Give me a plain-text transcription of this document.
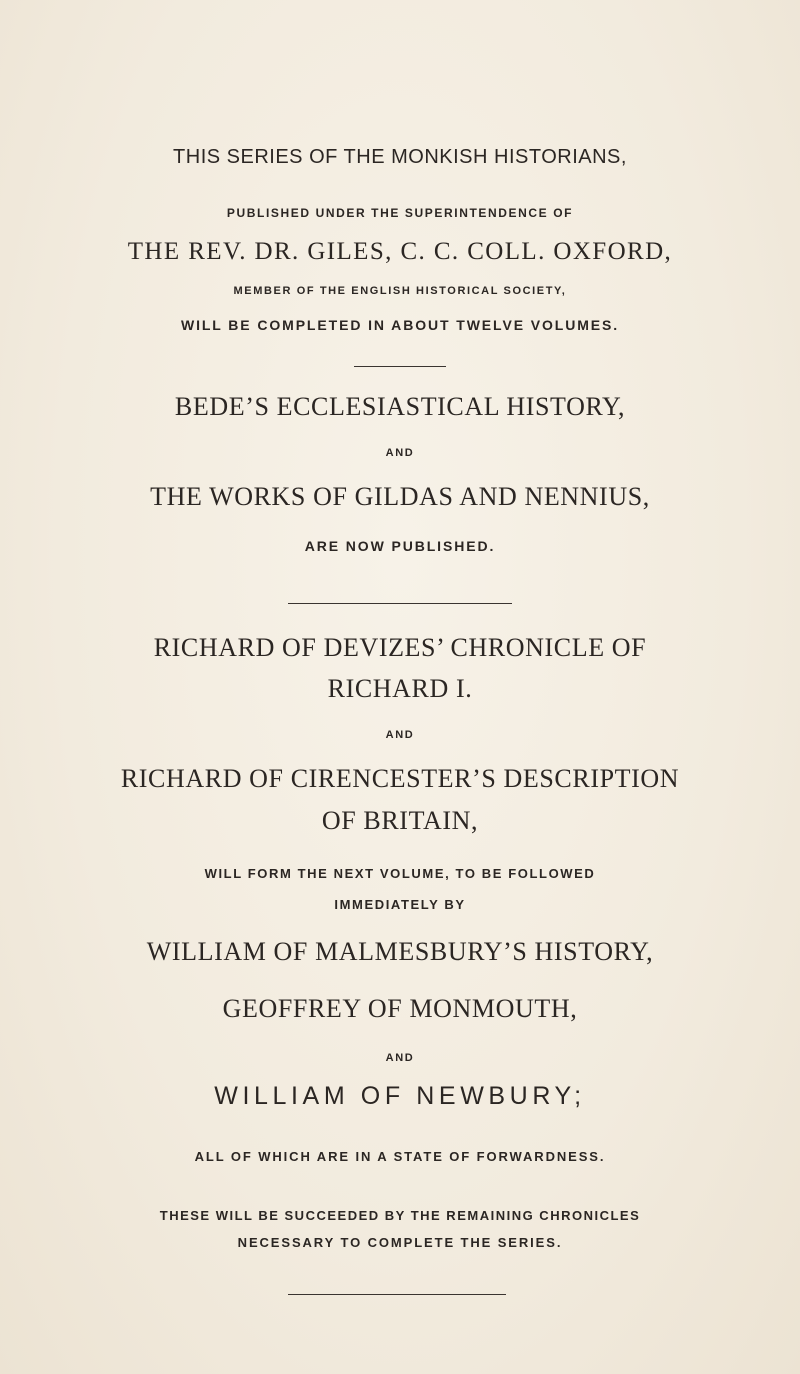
THIS SERIES OF THE MONKISH HISTORIANS,
PUBLISHED UNDER THE SUPERINTENDENCE OF
THE REV. DR. GILES, C. C. COLL. OXFORD,
MEMBER OF THE ENGLISH HISTORICAL SOCIETY,
WILL BE COMPLETED IN ABOUT TWELVE VOLUMES.
BEDE’S ECCLESIASTICAL HISTORY,
AND
THE WORKS OF GILDAS AND NENNIUS,
ARE NOW PUBLISHED.
RICHARD OF DEVIZES’ CHRONICLE OF
RICHARD I.
AND
RICHARD OF CIRENCESTER’S DESCRIPTION
OF BRITAIN,
WILL FORM THE NEXT VOLUME, TO BE FOLLOWED
IMMEDIATELY BY
WILLIAM OF MALMESBURY’S HISTORY,
GEOFFREY OF MONMOUTH,
AND
WILLIAM OF NEWBURY;
ALL OF WHICH ARE IN A STATE OF FORWARDNESS.
THESE WILL BE SUCCEEDED BY THE REMAINING CHRONICLES
NECESSARY TO COMPLETE THE SERIES.
